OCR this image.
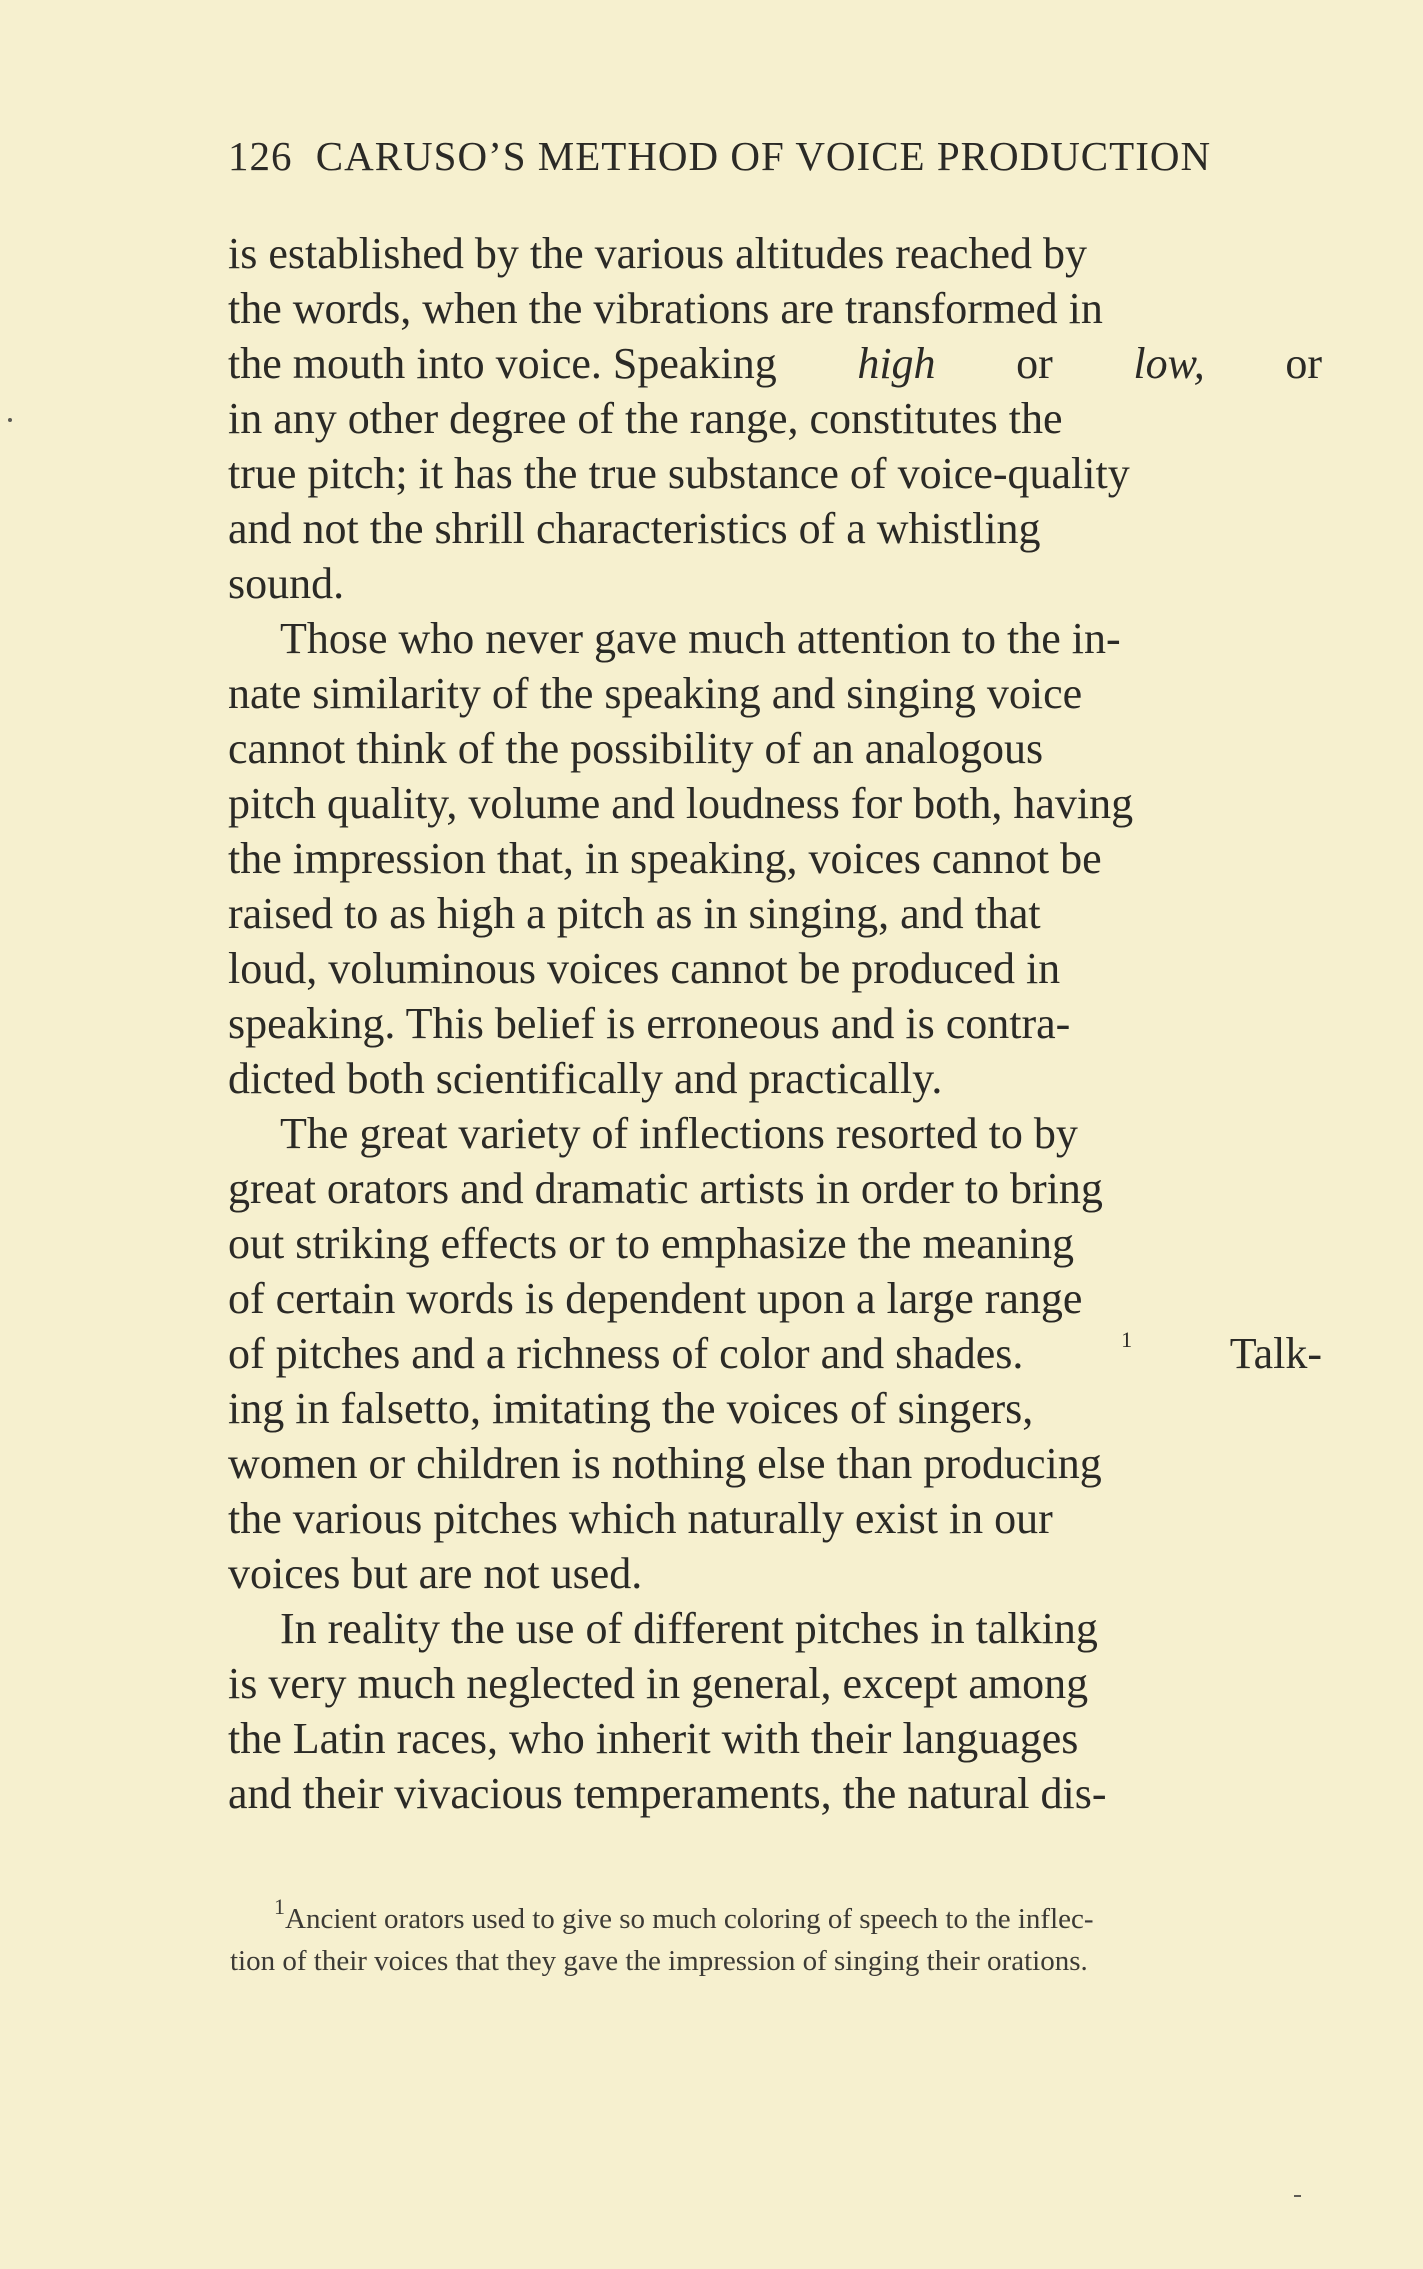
126 CARUSO’S METHOD OF VOICE PRODUCTION
is established by the various altitudes reached by
the words, when the vibrations are transformed in
the mouth into voice. Speaking high or low, or
in any other degree of the range, constitutes the
true pitch; it has the true substance of voice-quality
and not the shrill characteristics of a whistling
sound.
Those who never gave much attention to the in-
nate similarity of the speaking and singing voice
cannot think of the possibility of an analogous
pitch quality, volume and loudness for both, having
the impression that, in speaking, voices cannot be
raised to as high a pitch as in singing, and that
loud, voluminous voices cannot be produced in
speaking. This belief is erroneous and is contra-
dicted both scientifically and practically.
The great variety of inflections resorted to by
great orators and dramatic artists in order to bring
out striking effects or to emphasize the meaning
of certain words is dependent upon a large range
of pitches and a richness of color and shades.	1 Talk-
ing in falsetto, imitating the voices of singers,
women or children is nothing else than producing
the various pitches which naturally exist in our
voices but are not used.
In reality the use of different pitches in talking
is very much neglected in general, except among
the Latin races, who inherit with their languages
and their vivacious temperaments, the natural dis-
$^1$Ancient orators used to give so much coloring of speech to the inflec-
tion of their voices that they gave the impression of singing their orations.
